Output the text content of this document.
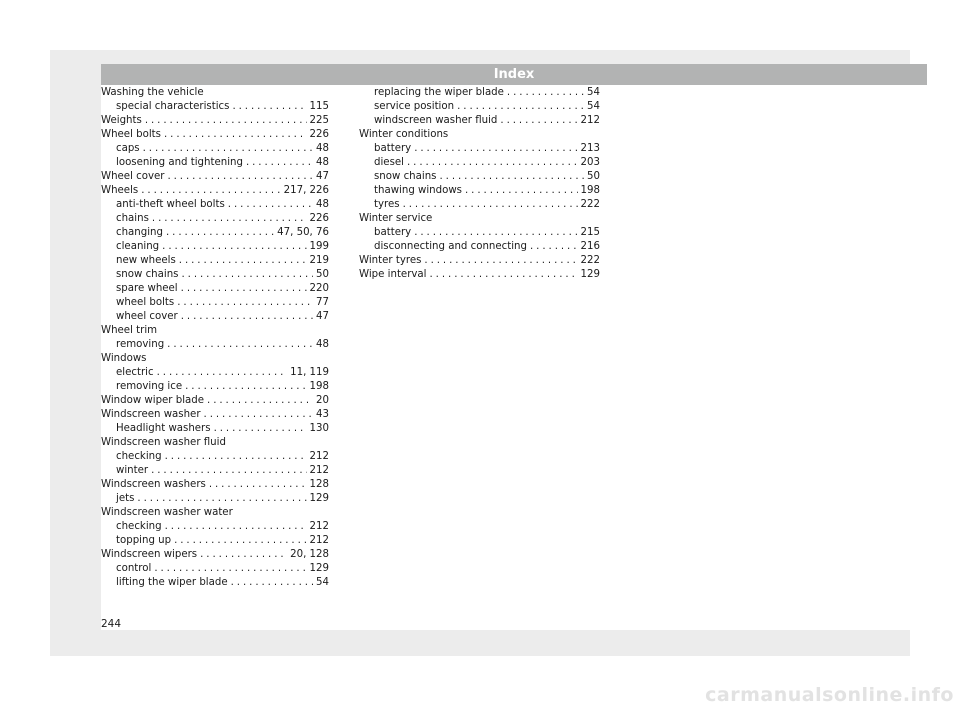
Index
Washing the vehicle
special characteristics . . .	115
Weights . . .	225
Wheel bolts . . .	226
caps . . .	48
loosening and tightening . . .	48
Wheel cover . . .	47
Wheels . . .	217, 226
anti-theft wheel bolts . . .	48
chains . . .	226
changing . . .	47, 50, 76
cleaning . . .	199
new wheels . . .	219
snow chains . . .	50
spare wheel . . .	220
wheel bolts . . .	77
wheel cover . . .	47
Wheel trim
removing . . .	48
Windows
electric . . .	11, 119
removing ice . . .	198
Window wiper blade . . .	20
Windscreen washer . . .	43
Headlight washers . . .	130
Windscreen washer fluid
checking . . .	212
winter . . .	212
Windscreen washers . . .	128
jets . . .	129
Windscreen washer water
checking . . .	212
topping up . . .	212
Windscreen wipers . . .	20, 128
control . . .	129
lifting the wiper blade . . .	54
replacing the wiper blade . . .	54
service position . . .	54
windscreen washer fluid . . .	212
Winter conditions
battery . . .	213
diesel . . .	203
snow chains . . .	50
thawing windows . . .	198
tyres . . .	222
Winter service
battery . . .	215
disconnecting and connecting . . .	216
Winter tyres . . .	222
Wipe interval . . .	129
244
carmanualsonline.info
